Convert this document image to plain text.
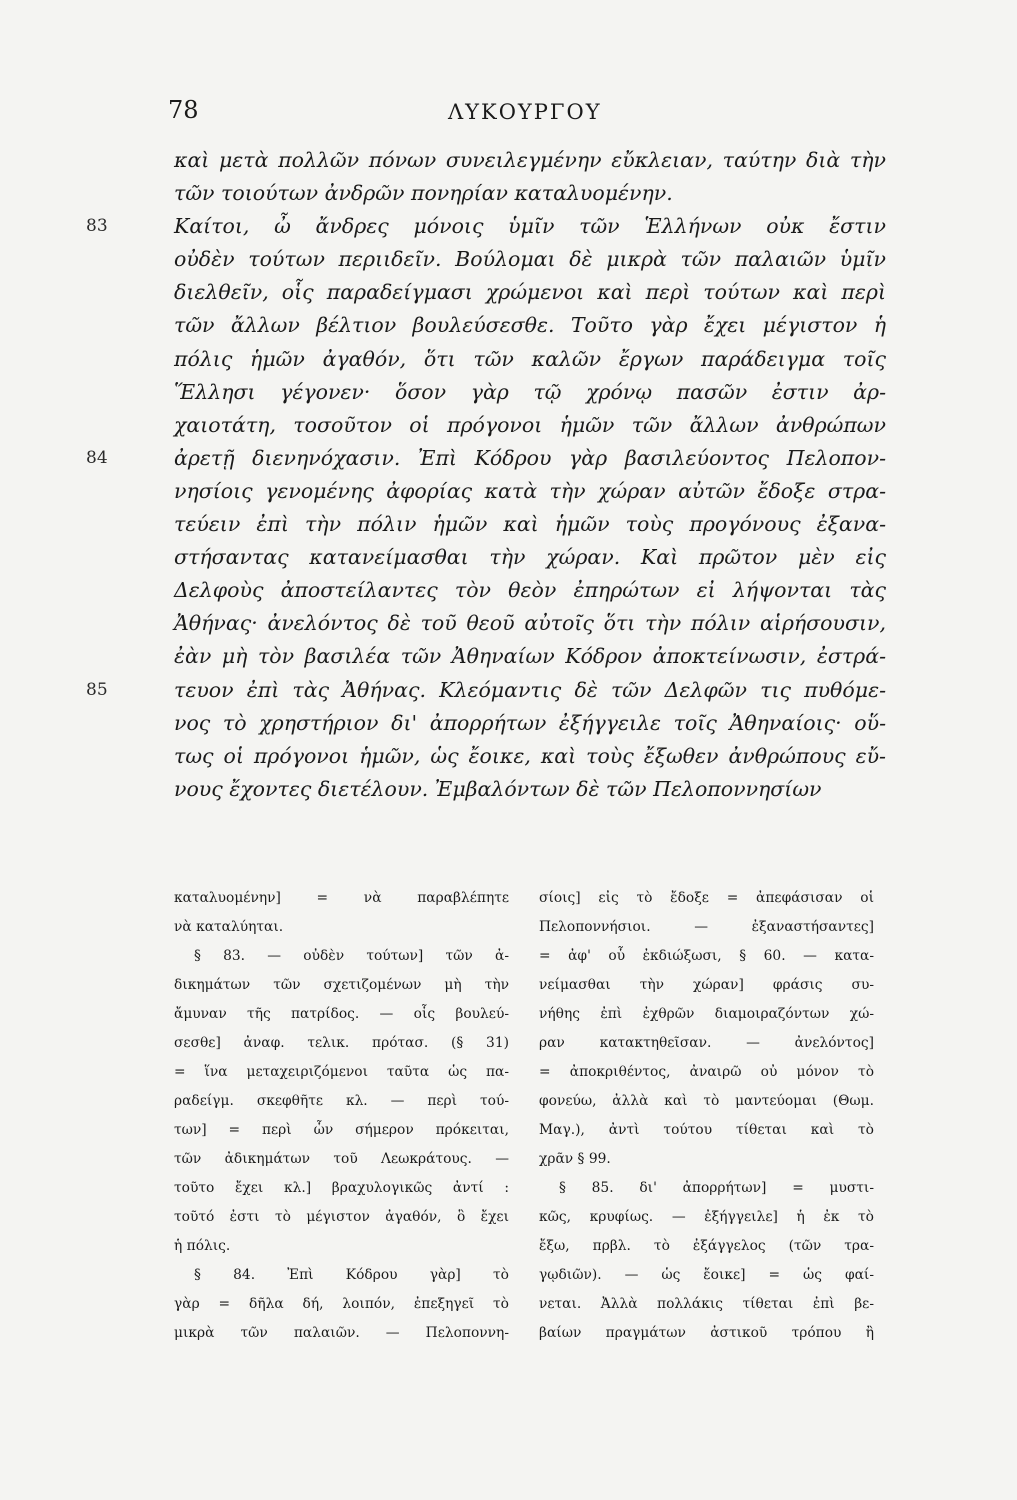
78	ΛΥΚΟΥΡΓΟΥ
καὶ μετὰ πολλῶν πόνων συνειλεγμένην εὔκλειαν, ταύτην διὰ τὴν
τῶν τοιούτων ἀνδρῶν πονηρίαν καταλυομένην.
83	Καίτοι, ὦ ἄνδρες μόνοις ὑμῖν τῶν Ἑλλήνων οὐκ ἔστιν
οὐδὲν τούτων περιιδεῖν. Βούλομαι δὲ μικρὰ τῶν παλαιῶν ὑμῖν
διελθεῖν, οἷς παραδείγμασι χρώμενοι καὶ περὶ τούτων καὶ περὶ
τῶν ἄλλων βέλτιον βουλεύσεσθε. Τοῦτο γὰρ ἔχει μέγιστον ἡ
πόλις ἡμῶν ἀγαθόν, ὅτι τῶν καλῶν ἔργων παράδειγμα τοῖς
Ἕλλησι γέγονεν· ὅσον γὰρ τῷ χρόνῳ πασῶν ἐστιν ἀρ-
χαιοτάτη, τοσοῦτον οἱ πρόγονοι ἡμῶν τῶν ἄλλων ἀνθρώπων
84	ἀρετῇ διενηνόχασιν. Ἐπὶ Κόδρου γὰρ βασιλεύοντος Πελοπον-
νησίοις γενομένης ἀφορίας κατὰ τὴν χώραν αὐτῶν ἔδοξε στρα-
τεύειν ἐπὶ τὴν πόλιν ἡμῶν καὶ ἡμῶν τοὺς προγόνους ἐξανα-
στήσαντας κατανείμασθαι τὴν χώραν. Καὶ πρῶτον μὲν εἰς
Δελφοὺς ἀποστείλαντες τὸν θεὸν ἐπηρώτων εἰ λήψονται τὰς
Ἀθήνας· ἀνελόντος δὲ τοῦ θεοῦ αὐτοῖς ὅτι τὴν πόλιν αἱρήσουσιν,
ἐὰν μὴ τὸν βασιλέα τῶν Ἀθηναίων Κόδρον ἀποκτείνωσιν, ἐστρά-
85	τευον ἐπὶ τὰς Ἀθήνας. Κλεόμαντις δὲ τῶν Δελφῶν τις πυθόμε-
νος τὸ χρηστήριον δι' ἀπορρήτων ἐξήγγειλε τοῖς Ἀθηναίοις· οὕ-
τως οἱ πρόγονοι ἡμῶν, ὡς ἔοικε, καὶ τοὺς ἔξωθεν ἀνθρώπους εὔ-
νους ἔχοντες διετέλουν. Ἐμβαλόντων δὲ τῶν Πελοποννησίων
καταλυομένην] = νὰ παραβλέπητε
νὰ καταλύηται.
§ 83. — οὐδὲν τούτων] τῶν ἀ-
δικημάτων τῶν σχετιζομένων μὴ τὴν
ἄμυναν τῆς πατρίδος. — οἷς βουλεύ-
σεσθε] ἀναφ. τελικ. πρότασ. (§ 31)
= ἵνα μεταχειριζόμενοι ταῦτα ὡς πα-
ραδείγμ. σκεφθῆτε κλ. — περὶ τού-
των] = περὶ ὧν σήμερον πρόκειται,
τῶν ἀδικημάτων τοῦ Λεωκράτους. —
τοῦτο ἔχει κλ.] βραχυλογικῶς ἀντί :
τοῦτό ἐστι τὸ μέγιστον ἀγαθόν, ὃ ἔχει
ἡ πόλις.
§ 84. Ἐπὶ Κόδρου γὰρ] τὸ
γὰρ = δῆλα δή, λοιπόν, ἐπεξηγεῖ τὸ
μικρὰ τῶν παλαιῶν. — Πελοποννη-
σίοις] εἰς τὸ ἔδοξε = ἀπεφάσισαν οἱ
Πελοποννήσιοι. — ἐξαναστήσαντες]
= ἀφ' οὗ ἐκδιώξωσι, § 60. — κατα-
νείμασθαι τὴν χώραν] φράσις συ-
νήθης ἐπὶ ἐχθρῶν διαμοιραζόντων χώ-
ραν κατακτηθεῖσαν. — ἀνελόντος]
= ἀποκριθέντος, ἀναιρῶ οὐ μόνον τὸ
φονεύω, ἀλλὰ καὶ τὸ μαντεύομαι (Θωμ.
Μαγ.), ἀντὶ τούτου τίθεται καὶ τὸ
χρᾶν § 99.
§ 85. δι' ἀπορρήτων] = μυστι-
κῶς, κρυφίως. — ἐξήγγειλε] ἡ ἐκ τὸ
ἔξω, πρβλ. τὸ ἐξάγγελος (τῶν τρα-
γῳδιῶν). — ὡς ἔοικε] = ὡς φαί-
νεται. Ἀλλὰ πολλάκις τίθεται ἐπὶ βε-
βαίων πραγμάτων ἀστικοῦ τρόπου ἢ
